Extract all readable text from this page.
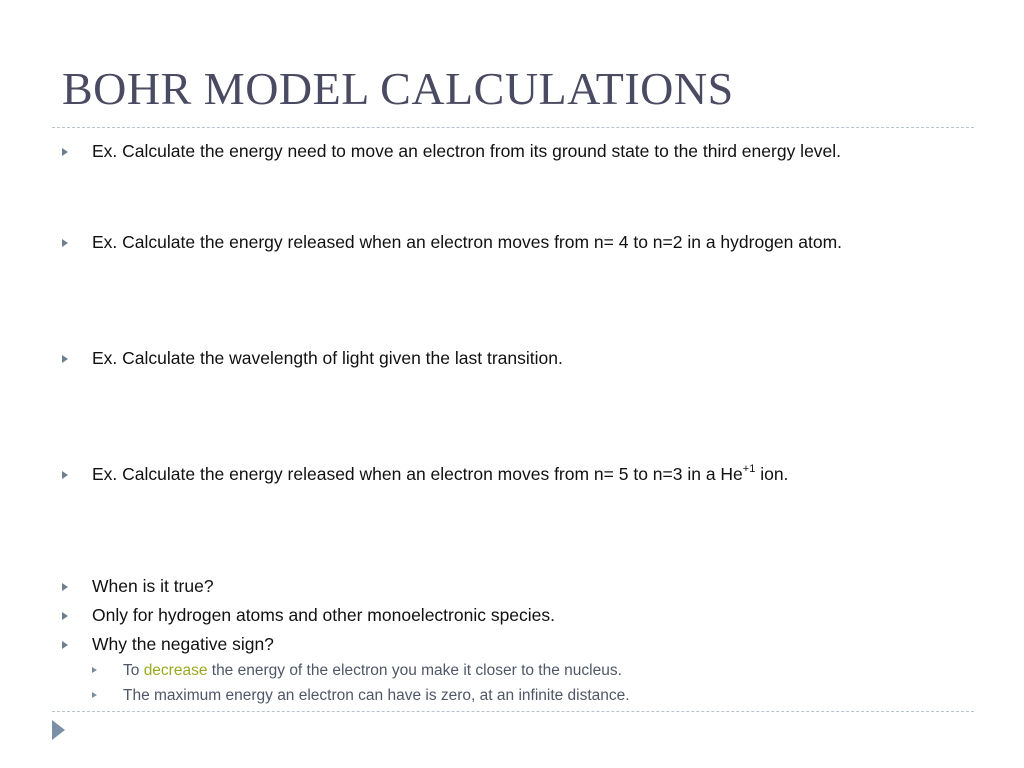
BOHR MODEL CALCULATIONS
Ex. Calculate the energy need to move an electron from its ground state to the third energy level.
Ex. Calculate the energy released when an electron moves from n= 4 to n=2 in a hydrogen atom.
Ex. Calculate the wavelength of light given the last transition.
Ex. Calculate the energy released when an electron moves from n= 5 to n=3 in a $He^{+1}$ ion.
When is it true?
Only for hydrogen atoms and other monoelectronic species.
Why the negative sign?
To decrease the energy of the electron you make it closer to the nucleus.
The maximum energy an electron can have is zero, at an infinite distance.
